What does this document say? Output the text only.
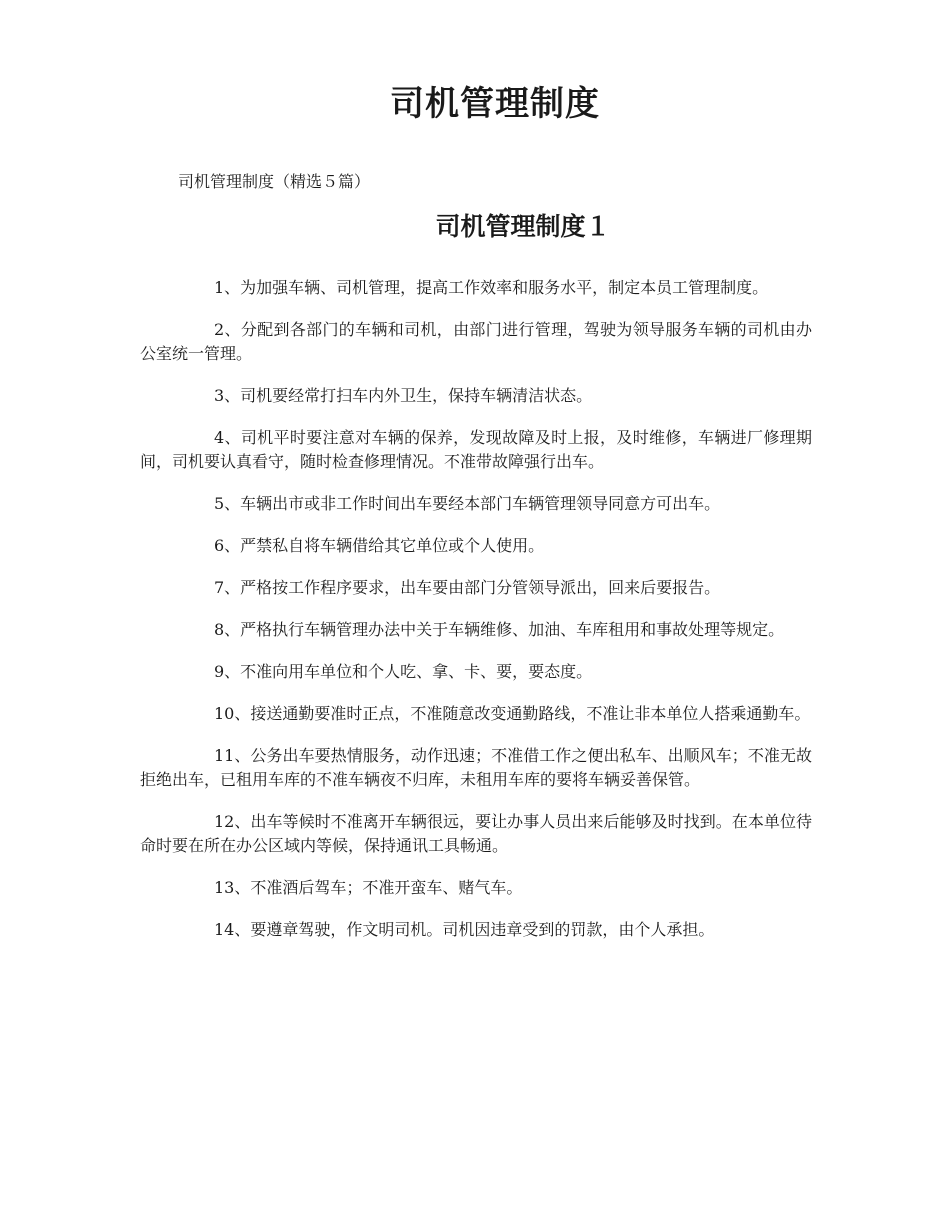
司机管理制度

司机管理制度（精选５篇）

司机管理制度１
1、为加强车辆、司机管理，提高工作效率和服务水平，制定本员工管理制度。
2、分配到各部门的车辆和司机，由部门进行管理，驾驶为领导服务车辆的司机由办公室统一管理。
3、司机要经常打扫车内外卫生，保持车辆清洁状态。
4、司机平时要注意对车辆的保养，发现故障及时上报，及时维修，车辆进厂修理期间，司机要认真看守，随时检查修理情况。不准带故障强行出车。
5、车辆出市或非工作时间出车要经本部门车辆管理领导同意方可出车。
6、严禁私自将车辆借给其它单位或个人使用。
7、严格按工作程序要求，出车要由部门分管领导派出，回来后要报告。
8、严格执行车辆管理办法中关于车辆维修、加油、车库租用和事故处理等规定。
9、不准向用车单位和个人吃、拿、卡、要，要态度。
10、接送通勤要准时正点，不准随意改变通勤路线，不准让非本单位人搭乘通勤车。
11、公务出车要热情服务，动作迅速；不准借工作之便出私车、出顺风车；不准无故拒绝出车，已租用车库的不准车辆夜不归库，未租用车库的要将车辆妥善保管。
12、出车等候时不准离开车辆很远，要让办事人员出来后能够及时找到。在本单位待命时要在所在办公区域内等候，保持通讯工具畅通。
13、不准酒后驾车；不准开蛮车、赌气车。
14、要遵章驾驶，作文明司机。司机因违章受到的罚款，由个人承担。
